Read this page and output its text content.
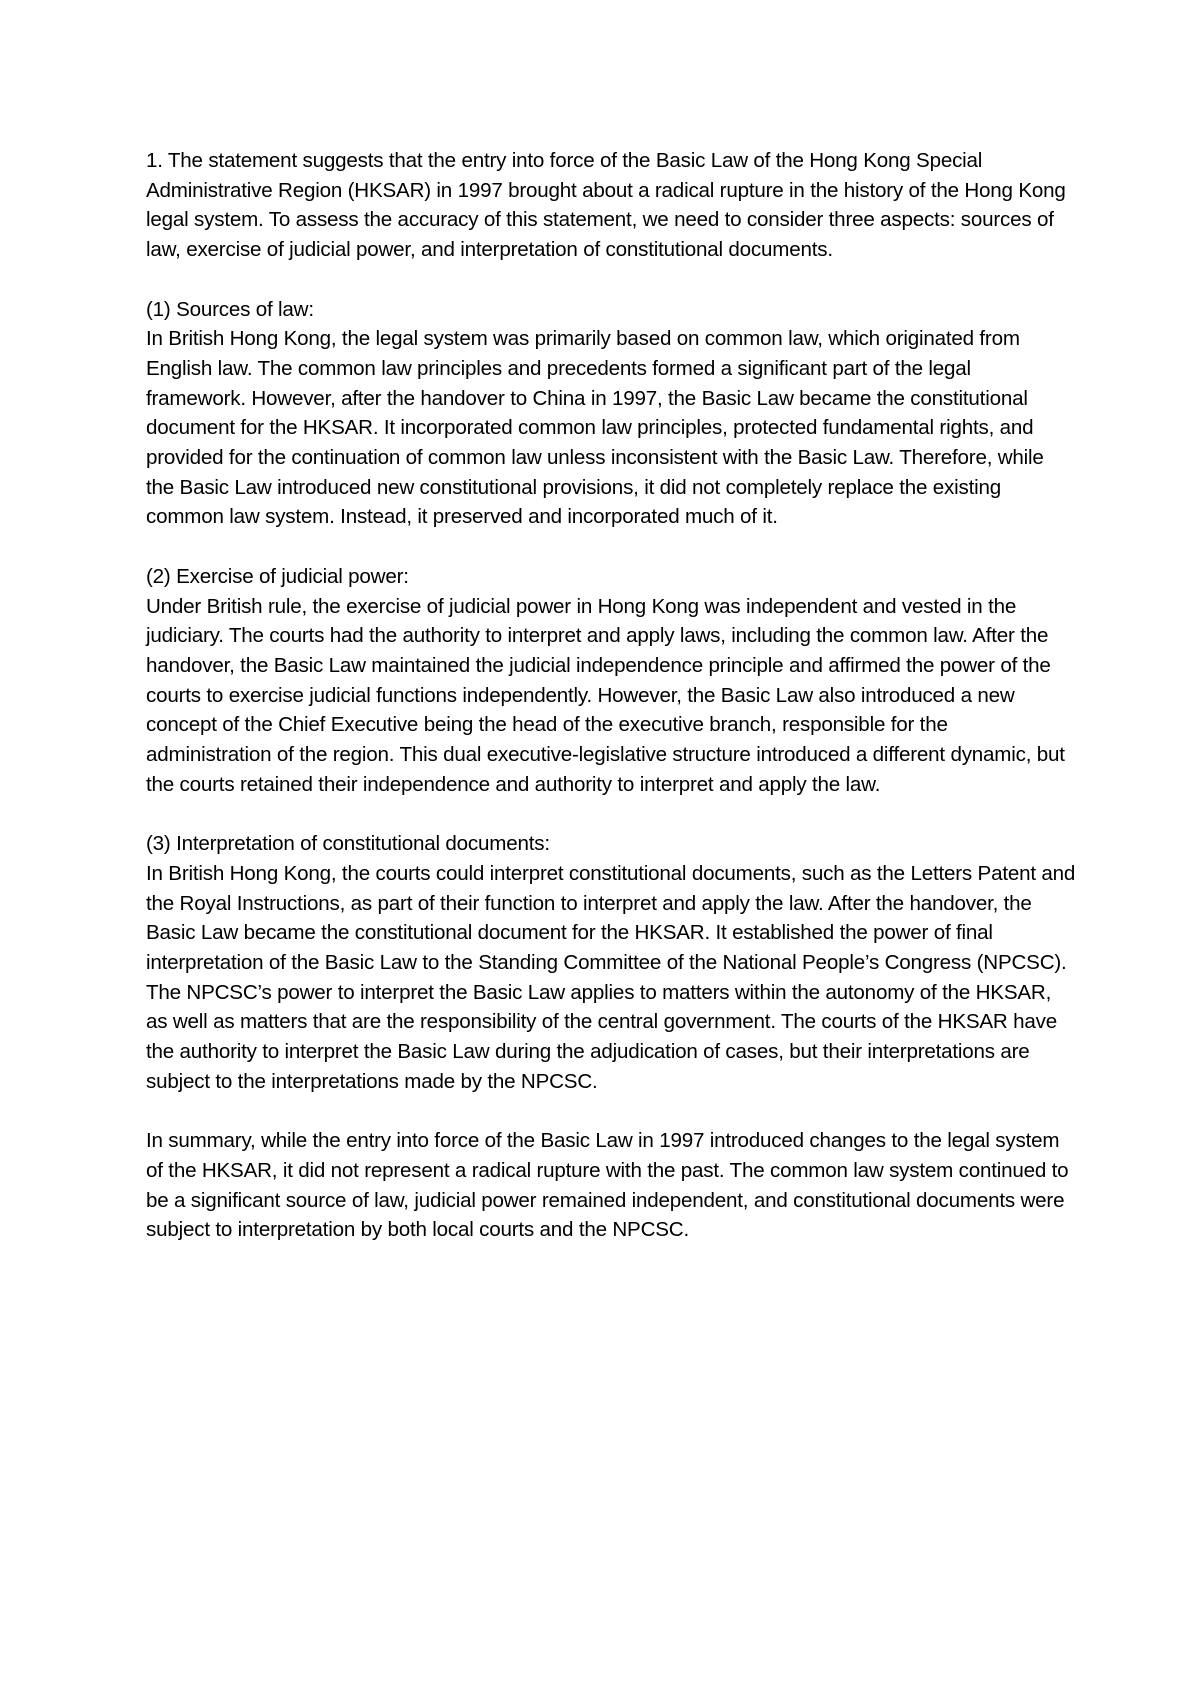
1. The statement suggests that the entry into force of the Basic Law of the Hong Kong Special Administrative Region (HKSAR) in 1997 brought about a radical rupture in the history of the Hong Kong legal system. To assess the accuracy of this statement, we need to consider three aspects: sources of law, exercise of judicial power, and interpretation of constitutional documents.

(1) Sources of law:

In British Hong Kong, the legal system was primarily based on common law, which originated from English law. The common law principles and precedents formed a significant part of the legal framework. However, after the handover to China in 1997, the Basic Law became the constitutional document for the HKSAR. It incorporated common law principles, protected fundamental rights, and provided for the continuation of common law unless inconsistent with the Basic Law. Therefore, while the Basic Law introduced new constitutional provisions, it did not completely replace the existing common law system. Instead, it preserved and incorporated much of it.

(2) Exercise of judicial power:

Under British rule, the exercise of judicial power in Hong Kong was independent and vested in the judiciary. The courts had the authority to interpret and apply laws, including the common law. After the handover, the Basic Law maintained the judicial independence principle and affirmed the power of the courts to exercise judicial functions independently. However, the Basic Law also introduced a new concept of the Chief Executive being the head of the executive branch, responsible for the administration of the region. This dual executive-legislative structure introduced a different dynamic, but the courts retained their independence and authority to interpret and apply the law.

(3) Interpretation of constitutional documents:

In British Hong Kong, the courts could interpret constitutional documents, such as the Letters Patent and the Royal Instructions, as part of their function to interpret and apply the law. After the handover, the Basic Law became the constitutional document for the HKSAR. It established the power of final interpretation of the Basic Law to the Standing Committee of the National People’s Congress (NPCSC). The NPCSC’s power to interpret the Basic Law applies to matters within the autonomy of the HKSAR, as well as matters that are the responsibility of the central government. The courts of the HKSAR have the authority to interpret the Basic Law during the adjudication of cases, but their interpretations are subject to the interpretations made by the NPCSC.

In summary, while the entry into force of the Basic Law in 1997 introduced changes to the legal system of the HKSAR, it did not represent a radical rupture with the past. The common law system continued to be a significant source of law, judicial power remained independent, and constitutional documents were subject to interpretation by both local courts and the NPCSC.
